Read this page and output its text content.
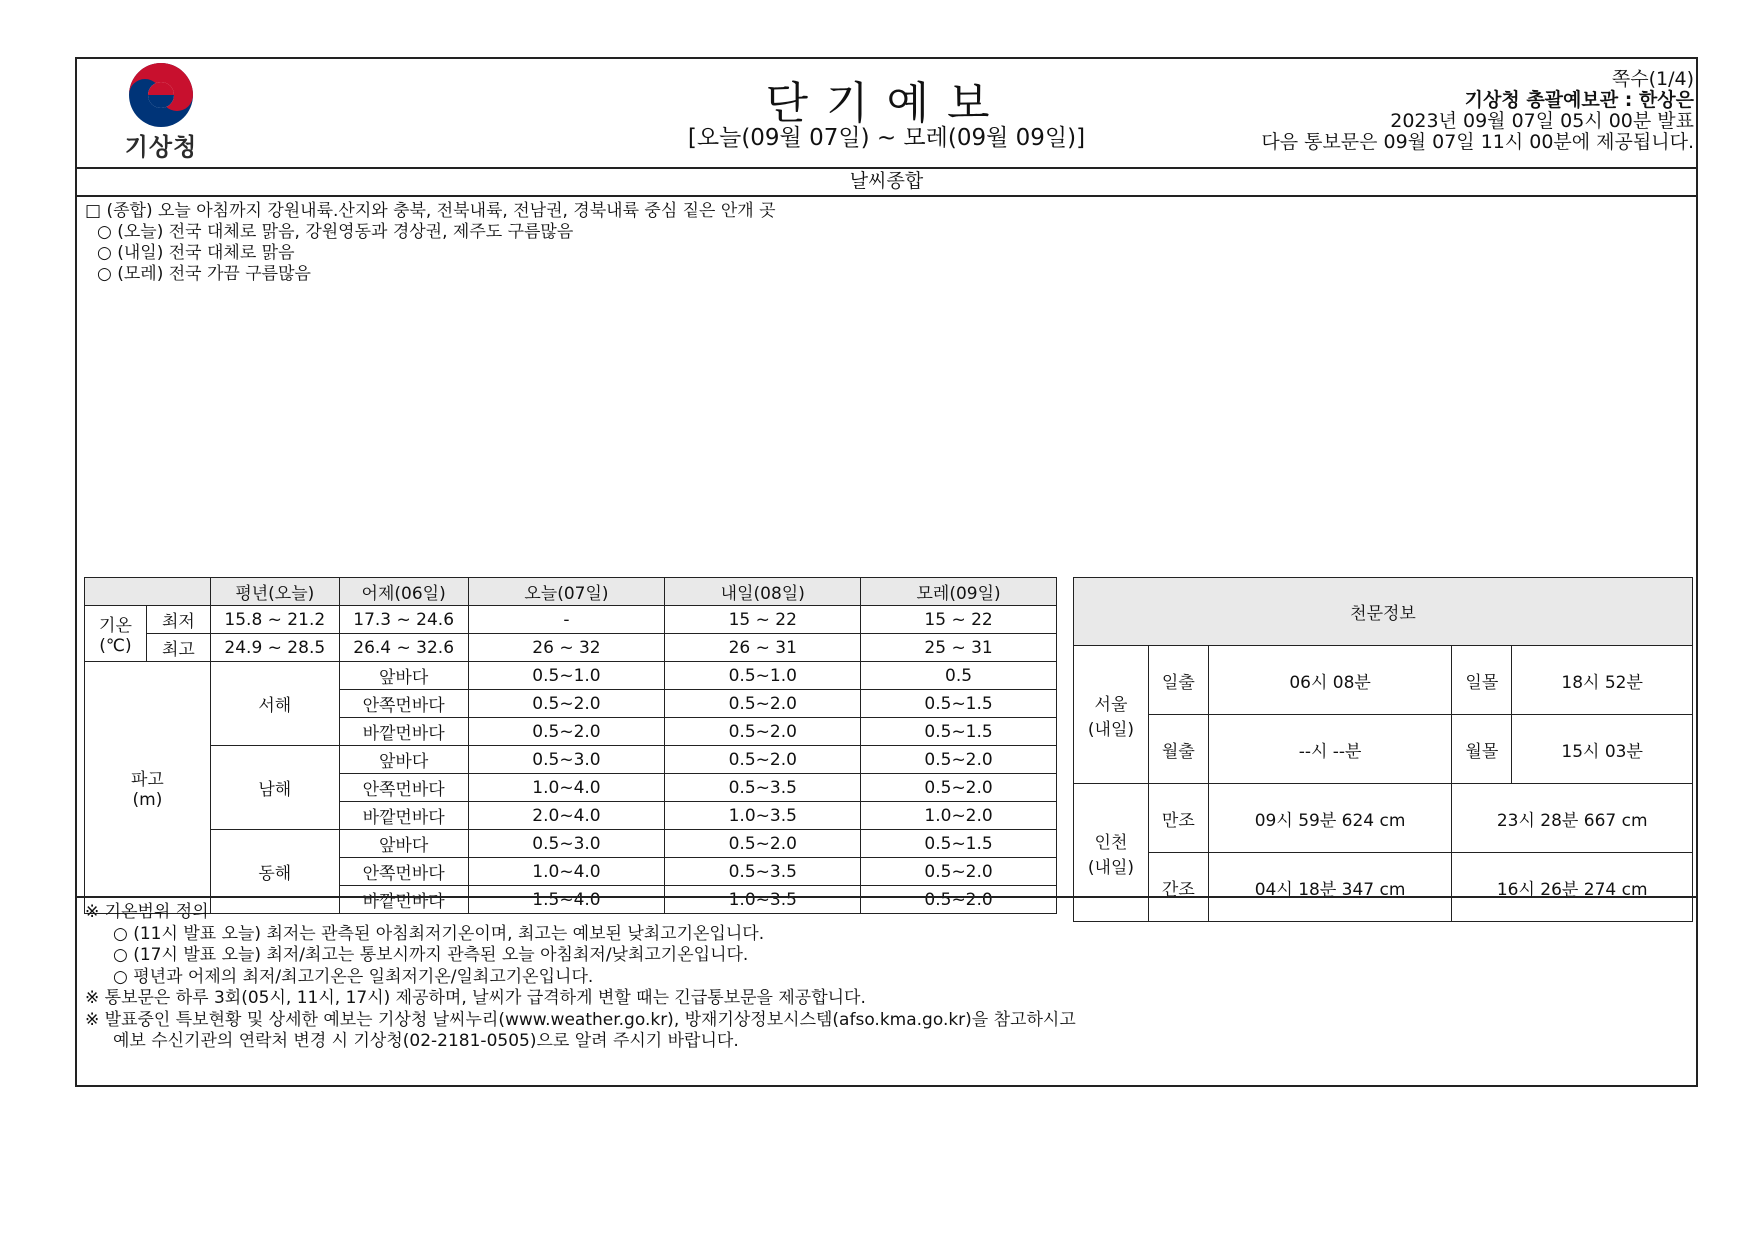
기상청
단기예보
[오늘(09월 07일) ~ 모레(09월 09일)]
쪽수(1/4)
기상청 총괄예보관 : 한상은
2023년 09월 07일 05시 00분 발표
다음 통보문은 09월 07일 11시 00분에 제공됩니다.
날씨종합
□ (종합) 오늘 아침까지 강원내륙.산지와 충북, 전북내륙, 전남권, 경북내륙 중심 짙은 안개 곳
○ (오늘) 전국 대체로 맑음, 강원영동과 경상권, 제주도 구름많음
○ (내일) 전국 대체로 맑음
○ (모레) 전국 가끔 구름많음
		평년(오늘)	어제(06일)	오늘(07일)	내일(08일)	모레(09일)

기온
(℃)	최저	15.8 ~ 21.2	17.3 ~ 24.6	-	15 ~ 22	15 ~ 22
	최고	24.9 ~ 28.5	26.4 ~ 32.6	26 ~ 32	26 ~ 31	25 ~ 31

파고
(m)		서해	앞바다	0.5~1.0	0.5~1.0	0.5
			안쪽먼바다	0.5~2.0	0.5~2.0	0.5~1.5
			바깥먼바다	0.5~2.0	0.5~2.0	0.5~1.5
		남해	앞바다	0.5~3.0	0.5~2.0	0.5~2.0
			안쪽먼바다	1.0~4.0	0.5~3.5	0.5~2.0
			바깥먼바다	2.0~4.0	1.0~3.5	1.0~2.0
		동해	앞바다	0.5~3.0	0.5~2.0	0.5~1.5
			안쪽먼바다	1.0~4.0	0.5~3.5	0.5~2.0
			바깥먼바다	1.5~4.0	1.0~3.5	0.5~2.0
천문정보				

서울
(내일)	일출	06시 08분	일몰	18시 52분
	월출	--시 --분	월몰	15시 03분

인천
(내일)	만조	09시 59분 624 cm	23시 28분 667 cm	
	간조	04시 18분 347 cm	16시 26분 274 cm	
※ 기온범위 정의
○ (11시 발표 오늘) 최저는 관측된 아침최저기온이며, 최고는 예보된 낮최고기온입니다.
○ (17시 발표 오늘) 최저/최고는 통보시까지 관측된 오늘 아침최저/낮최고기온입니다.
○ 평년과 어제의 최저/최고기온은 일최저기온/일최고기온입니다.
※ 통보문은 하루 3회(05시, 11시, 17시) 제공하며, 날씨가 급격하게 변할 때는 긴급통보문을 제공합니다.
※ 발표중인 특보현황 및 상세한 예보는 기상청 날씨누리(www.weather.go.kr), 방재기상정보시스템(afso.kma.go.kr)을 참고하시고
예보 수신기관의 연락처 변경 시 기상청(02-2181-0505)으로 알려 주시기 바랍니다.
